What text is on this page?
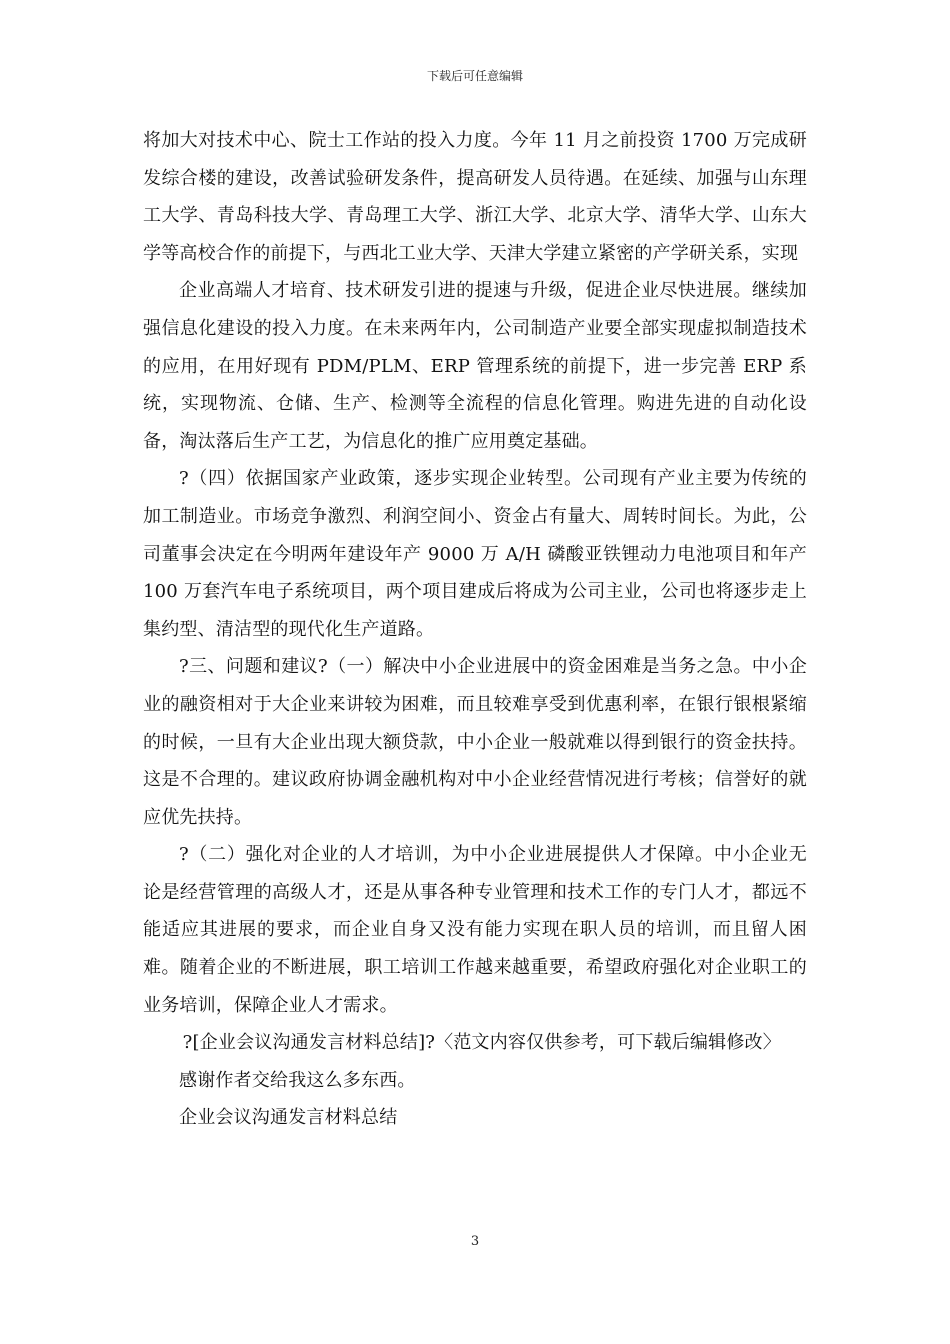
下载后可任意编辑

将加大对技术中心、院士工作站的投入力度。今年 11 月之前投资 1700 万完成研发综合楼的建设，改善试验研发条件，提高研发人员待遇。在延续、加强与山东理工大学、青岛科技大学、青岛理工大学、浙江大学、北京大学、清华大学、山东大学等高校合作的前提下，与西北工业大学、天津大学建立紧密的产学研关系，实现

企业高端人才培育、技术研发引进的提速与升级，促进企业尽快进展。继续加强信息化建设的投入力度。在未来两年内，公司制造产业要全部实现虚拟制造技术的应用，在用好现有 PDM/PLM、ERP 管理系统的前提下，进一步完善 ERP 系统，实现物流、仓储、生产、检测等全流程的信息化管理。购进先进的自动化设备，淘汰落后生产工艺，为信息化的推广应用奠定基础。

?（四）依据国家产业政策，逐步实现企业转型。公司现有产业主要为传统的加工制造业。市场竞争激烈、利润空间小、资金占有量大、周转时间长。为此，公司董事会决定在今明两年建设年产 9000 万 A/H 磷酸亚铁锂动力电池项目和年产 100 万套汽车电子系统项目，两个项目建成后将成为公司主业，公司也将逐步走上集约型、清洁型的现代化生产道路。

?三、问题和建议?（一）解决中小企业进展中的资金困难是当务之急。中小企业的融资相对于大企业来讲较为困难，而且较难享受到优惠利率，在银行银根紧缩的时候，一旦有大企业出现大额贷款，中小企业一般就难以得到银行的资金扶持。这是不合理的。建议政府协调金融机构对中小企业经营情况进行考核；信誉好的就应优先扶持。

?（二）强化对企业的人才培训，为中小企业进展提供人才保障。中小企业无论是经营管理的高级人才，还是从事各种专业管理和技术工作的专门人才，都远不能适应其进展的要求，而企业自身又没有能力实现在职人员的培训，而且留人困难。随着企业的不断进展，职工培训工作越来越重要，希望政府强化对企业职工的业务培训，保障企业人才需求。

?[企业会议沟通发言材料总结]?〈范文内容仅供参考，可下载后编辑修改〉

感谢作者交给我这么多东西。

企业会议沟通发言材料总结

3
